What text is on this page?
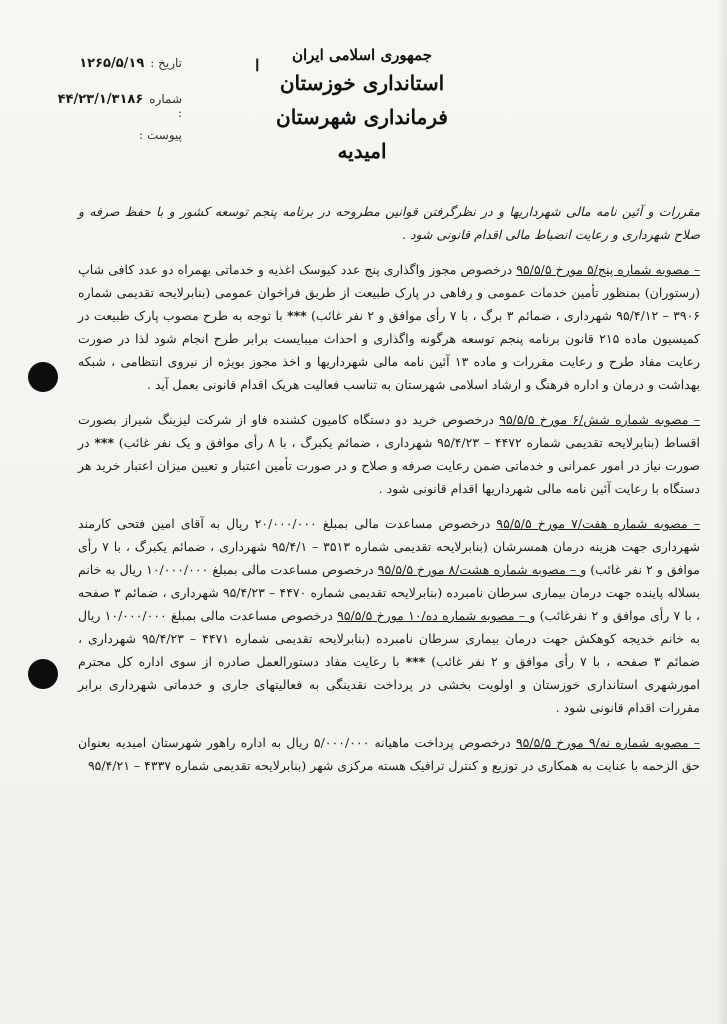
تاریخ :
۱۲۶۵/۵/۱۹
شماره :
۴۴/۲۳/۱/۳۱۸۶
پیوست :
ا
جمهوری اسلامی ایران
استانداری خوزستان
فرمانداری شهرستان امیدیه

مقررات و آئین نامه مالی شهرداریها و در نظرگرفتن قوانین مطروحه در برنامه پنجم توسعه کشور و با حفظ صرفه و صلاح شهرداری و رعایت انضباط مالی اقدام قانونی شود .

– مصوبه شماره پنج/۵ مورخ ۹۵/۵/۵ درخصوص مجوز واگذاری پنج عدد کیوسک اغذیه و خدماتی بهمراه دو عدد کافی شاپ (رستوران) بمنظور تأمین خدمات عمومی و رفاهی در پارک طبیعت از طریق فراخوان عمومی (بنابرلایحه تقدیمی شماره ۳۹۰۶ – ۹۵/۴/۱۲ شهرداری ، ضمائم ۳ برگ ، با ۷ رأی موافق و ۲ نفر غائب) *** با توجه به طرح مصوب پارک طبیعت در کمیسیون ماده ۲۱۵ قانون برنامه پنجم توسعه هرگونه واگذاری و احداث میبایست برابر طرح انجام شود لذا در صورت رعایت مفاد طرح و رعایت مقررات و ماده ۱۳ آئین نامه مالی شهرداریها و اخذ مجوز بویژه از نیروی انتظامی ، شبکه بهداشت و درمان و اداره فرهنگ و ارشاد اسلامی شهرستان به تناسب فعالیت هریک اقدام قانونی بعمل آید .

– مصوبه شماره شش/۶ مورخ ۹۵/۵/۵ درخصوص خرید دو دستگاه کامیون کشنده فاو از شرکت لیزینگ شیراز بصورت اقساط (بنابرلایحه تقدیمی شماره ۴۴۷۲ – ۹۵/۴/۲۳ شهرداری ، ضمائم یکبرگ ، با ۸ رأی موافق و یک نفر غائب) *** در صورت نیاز در امور عمرانی و خدماتی ضمن رعایت صرفه و صلاح و در صورت تأمین اعتبار و تعیین میزان اعتبار خرید هر دستگاه با رعایت آئین نامه مالی شهرداریها اقدام قانونی شود .

– مصوبه شماره هفت/۷ مورخ ۹۵/۵/۵ درخصوص مساعدت مالی بمبلغ ۲۰/۰۰۰/۰۰۰ ریال به آقای امین فتحی کارمند شهرداری جهت هزینه درمان همسرشان (بنابرلایحه تقدیمی شماره ۳۵۱۳ – ۹۵/۴/۱ شهرداری ، ضمائم یکبرگ ، با ۷ رأی موافق و ۲ نفر غائب) و – مصوبه شماره هشت/۸ مورخ ۹۵/۵/۵ درخصوص مساعدت مالی بمبلغ ۱۰/۰۰۰/۰۰۰ ریال به خانم بسلاله پاینده جهت درمان بیماری سرطان نامبرده (بنابرلایحه تقدیمی شماره ۴۴۷۰ – ۹۵/۴/۲۳ شهرداری ، ضمائم ۳ صفحه ، با ۷ رأی موافق و ۲ نفرغائب) و – مصوبه شماره ده/۱۰ مورخ ۹۵/۵/۵ درخصوص مساعدت مالی بمبلغ ۱۰/۰۰۰/۰۰۰ ریال به خانم خدیجه کوهکش جهت درمان بیماری سرطان نامبرده (بنابرلایحه تقدیمی شماره ۴۴۷۱ – ۹۵/۴/۲۳ شهرداری ، ضمائم ۳ صفحه ، با ۷ رأی موافق و ۲ نفر غائب) *** با رعایت مفاد دستورالعمل صادره از سوی اداره کل محترم امورشهری استانداری خوزستان و اولویت بخشی در پرداخت نقدینگی به فعالیتهای جاری و خدماتی شهرداری برابر مقررات اقدام قانونی شود .

– مصوبه شماره نه/۹ مورخ ۹۵/۵/۵ درخصوص پرداخت ماهیانه ۵/۰۰۰/۰۰۰ ریال به اداره راهور شهرستان امیدیه بعنوان حق الزحمه با عنایت به همکاری در توزیع و کنترل ترافیک هسته مرکزی شهر (بنابرلایحه تقدیمی شماره ۴۳۳۷ – ۹۵/۴/۲۱
